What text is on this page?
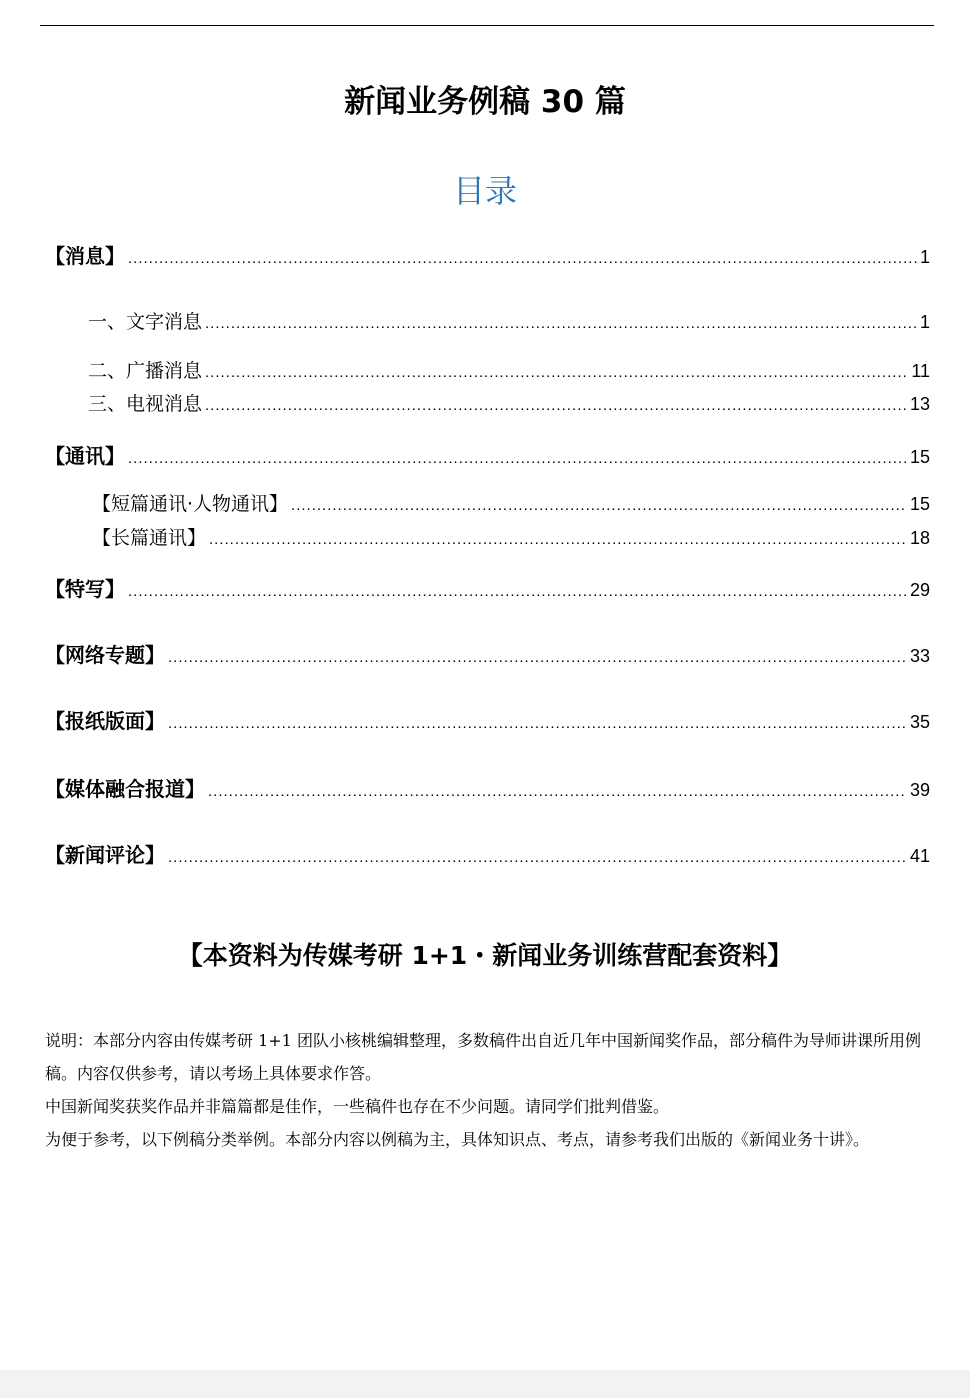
新闻业务例稿 30 篇
目录
【消息】 .....	1
一、文字消息 .....	1
二、广播消息 .....	11
三、电视消息 .....	13
【通讯】 .....	15
【短篇通讯·人物通讯】 .....	15
【长篇通讯】 .....	18
【特写】 .....	29
【网络专题】 .....	33
【报纸版面】 .....	35
【媒体融合报道】 .....	39
【新闻评论】 .....	41
【本资料为传媒考研 1+1・新闻业务训练营配套资料】

说明：本部分内容由传媒考研 1+1 团队小核桃编辑整理，多数稿件出自近几年中国新闻奖作品，部分稿件为导师讲课所用例稿。内容仅供参考，请以考场上具体要求作答。

中国新闻奖获奖作品并非篇篇都是佳作，一些稿件也存在不少问题。请同学们批判借鉴。

为便于参考，以下例稿分类举例。本部分内容以例稿为主，具体知识点、考点，请参考我们出版的《新闻业务十讲》。
